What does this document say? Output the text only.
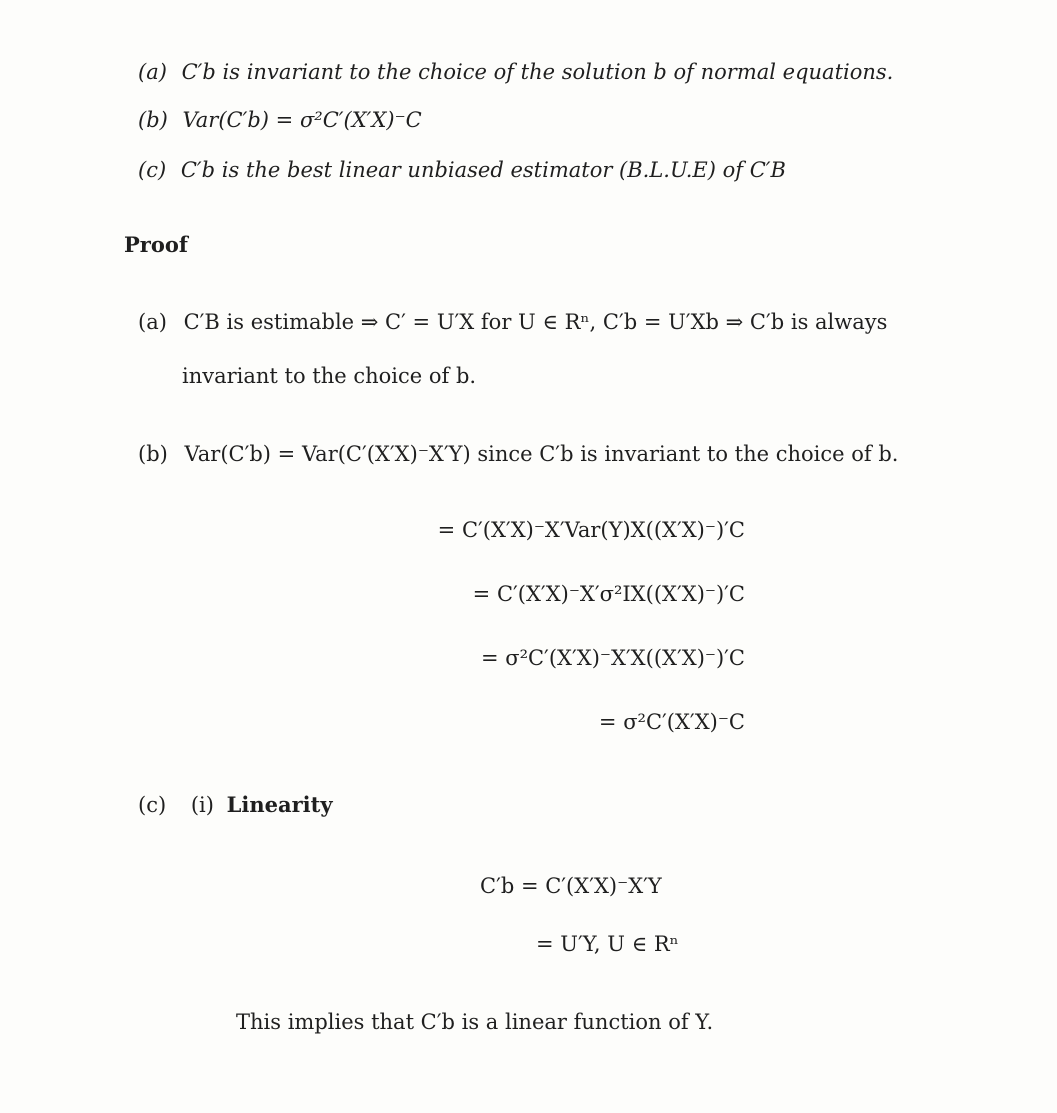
(a) C′b is invariant to the choice of the solution b of normal equations.
(b) Var(C′b) = σ²C′(X′X)⁻C
(c) C′b is the best linear unbiased estimator (B.L.U.E) of C′B
Proof
(a) C′B is estimable ⇒ C′ = U′X for U ∈ Rⁿ, C′b = U′Xb ⇒ C′b is always
invariant to the choice of b.
(b) Var(C′b) = Var(C′(X′X)⁻X′Y) since C′b is invariant to the choice of b.
= C′(X′X)⁻X′Var(Y)X((X′X)⁻)′C
= C′(X′X)⁻X′σ²IX((X′X)⁻)′C
= σ²C′(X′X)⁻X′X((X′X)⁻)′C
= σ²C′(X′X)⁻C
(c) (i) Linearity
C′b = C′(X′X)⁻X′Y
= U′Y, U ∈ Rⁿ
This implies that C′b is a linear function of Y.
